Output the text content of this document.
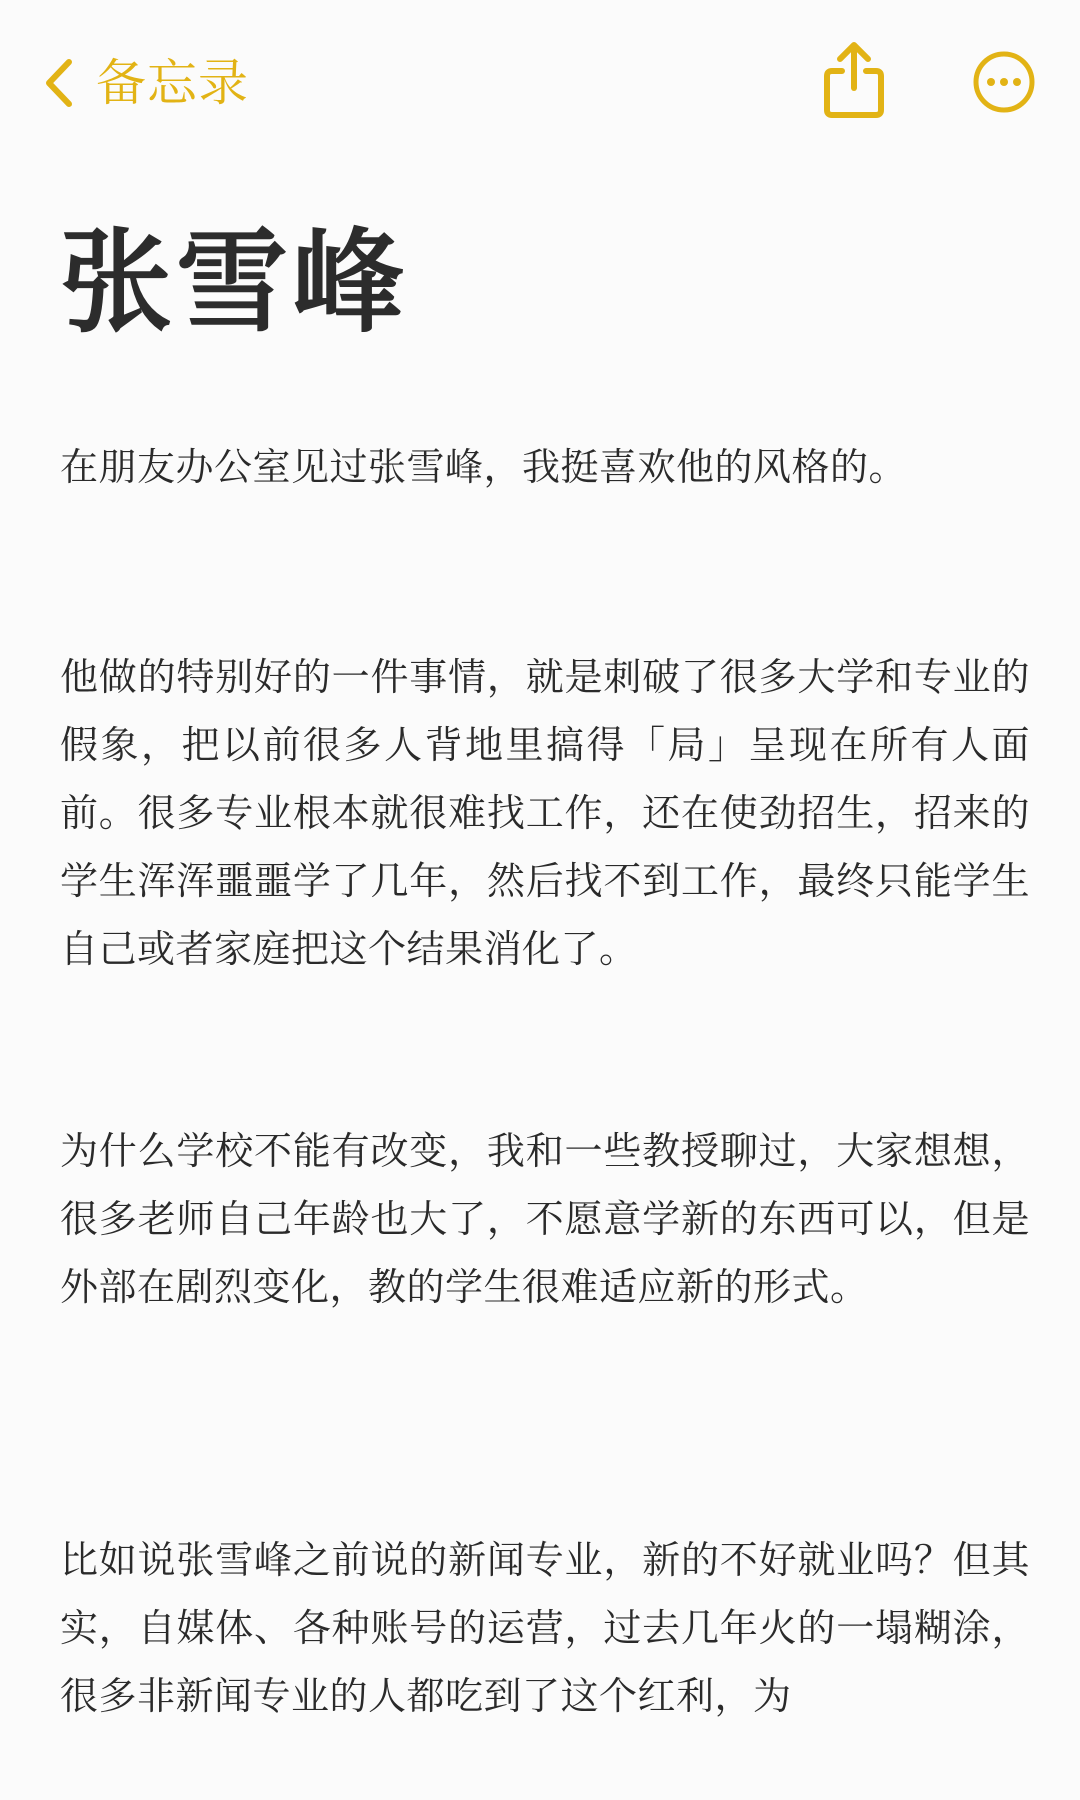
备忘录
张雪峰

在朋友办公室见过张雪峰，我挺喜欢他的风格的。

他做的特别好的一件事情，就是刺破了很多大学和专业的假象，把以前很多人背地里搞得「局」呈现在所有人面前。很多专业根本就很难找工作，还在使劲招生，招来的学生浑浑噩噩学了几年，然后找不到工作，最终只能学生自己或者家庭把这个结果消化了。

为什么学校不能有改变，我和一些教授聊过，大家想想，很多老师自己年龄也大了，不愿意学新的东西可以，但是外部在剧烈变化，教的学生很难适应新的形式。

比如说张雪峰之前说的新闻专业，新的不好就业吗？但其实，自媒体、各种账号的运营，过去几年火的一塌糊涂，很多非新闻专业的人都吃到了这个红利，为
